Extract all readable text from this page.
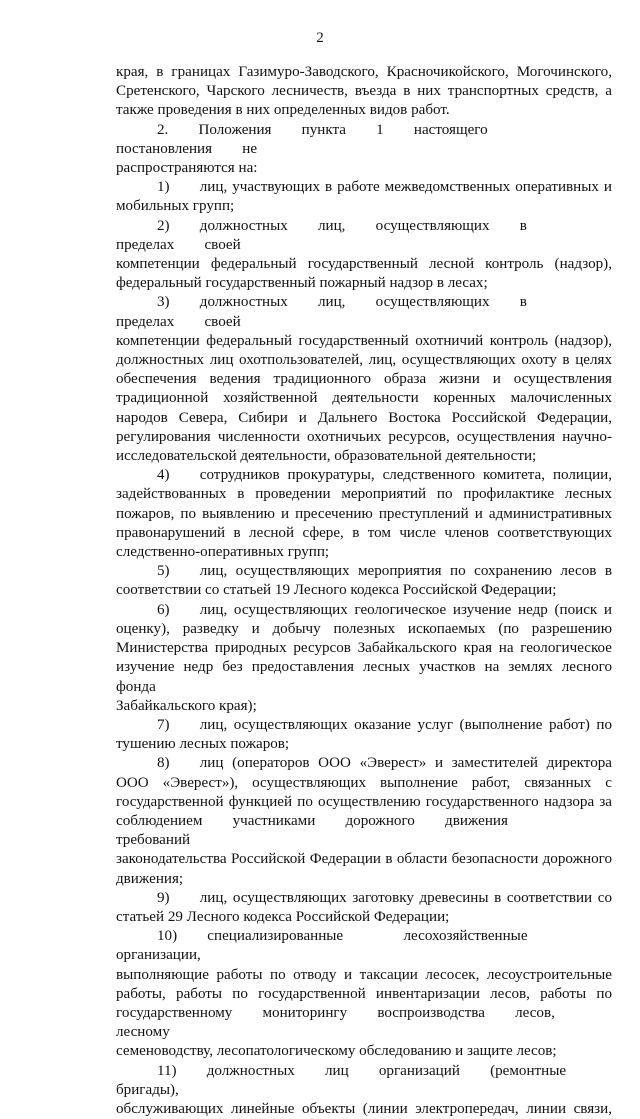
2

края, в границах Газимуро-Заводского, Красночикойского, Могочинского,

Сретенского, Чарского лесничеств, въезда в них транспортных средств, а

также проведения в них определенных видов работ.

2.  Положения  пункта  1  настоящего  постановления  не

распространяются на:

1)  лиц, участвующих в работе межведомственных оперативных и

мобильных групп;

2)  должностных  лиц,  осуществляющих  в  пределах  своей

компетенции федеральный государственный лесной контроль (надзор),

федеральный государственный пожарный надзор в лесах;

3)  должностных  лиц,  осуществляющих  в  пределах  своей

компетенции федеральный государственный охотничий контроль (надзор),

должностных лиц охотпользователей, лиц, осуществляющих охоту в целях

обеспечения ведения традиционного образа жизни и осуществления

традиционной хозяйственной деятельности коренных малочисленных

народов Севера, Сибири и Дальнего Востока Российской Федерации,

регулирования численности охотничьих ресурсов, осуществления научно-

исследовательской деятельности, образовательной деятельности;

4)  сотрудников прокуратуры, следственного комитета, полиции,

задействованных в проведении мероприятий по профилактике лесных

пожаров, по выявлению и пресечению преступлений и административных

правонарушений в лесной сфере, в том числе членов соответствующих

следственно-оперативных групп;

5)  лиц, осуществляющих мероприятия по сохранению лесов в

соответствии со статьей 19 Лесного кодекса Российской Федерации;

6)  лиц, осуществляющих геологическое изучение недр (поиск и

оценку), разведку и добычу полезных ископаемых (по разрешению

Министерства природных ресурсов Забайкальского края на геологическое

изучение недр без предоставления лесных участков на землях лесного фонда

Забайкальского края);

7)  лиц, осуществляющих оказание услуг (выполнение работ) по

тушению лесных пожаров;

8)  лиц (операторов ООО «Эверест» и заместителей директора

ООО «Эверест»), осуществляющих выполнение работ, связанных с

государственной функцией по осуществлению государственного надзора за

соблюдением  участниками  дорожного  движения  требований

законодательства Российской Федерации в области безопасности дорожного

движения;

9)  лиц, осуществляющих заготовку древесины в соответствии со

статьей 29 Лесного кодекса Российской Федерации;

10)  специализированные    лесохозяйственные    организации,

выполняющие работы по отводу и таксации лесосек, лесоустроительные

работы, работы по государственной инвентаризации лесов, работы по

государственному  мониторингу  воспроизводства  лесов,  лесному

семеноводству, лесопатологическому обследованию и защите лесов;

11)  должностных  лиц  организаций  (ремонтные  бригады),

обслуживающих линейные объекты (линии электропередач, линии связи,
